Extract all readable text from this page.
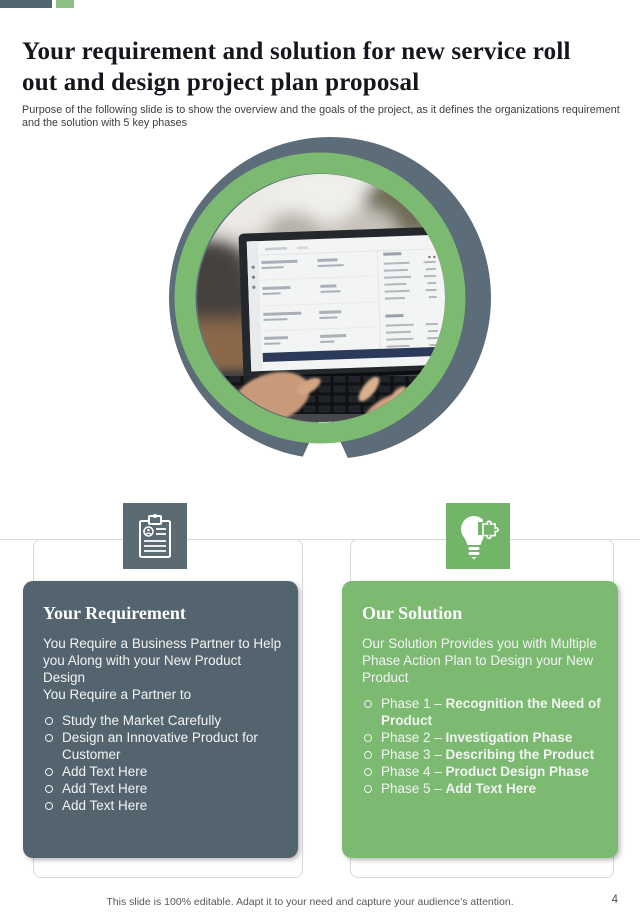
Your requirement and solution for new service roll out and design project plan proposal

Purpose of the following slide is to show the overview and the goals of the project, as it defines the organizations requirement and the solution with 5 key phases

Your Requirement
You Require a Business Partner to Help you Along with your New Product Design
You Require a Partner to
Study the Market Carefully
Design an Innovative Product for Customer
Add Text Here
Add Text Here
Add Text Here
Our Solution
Our Solution Provides you with Multiple Phase Action Plan to Design your New Product
Phase 1 – Recognition the Need of Product
Phase 2 – Investigation Phase
Phase 3 – Describing the Product
Phase 4 – Product Design Phase
Phase 5 – Add Text Here
This slide is 100% editable. Adapt it to your need and capture your audience’s attention.	4
